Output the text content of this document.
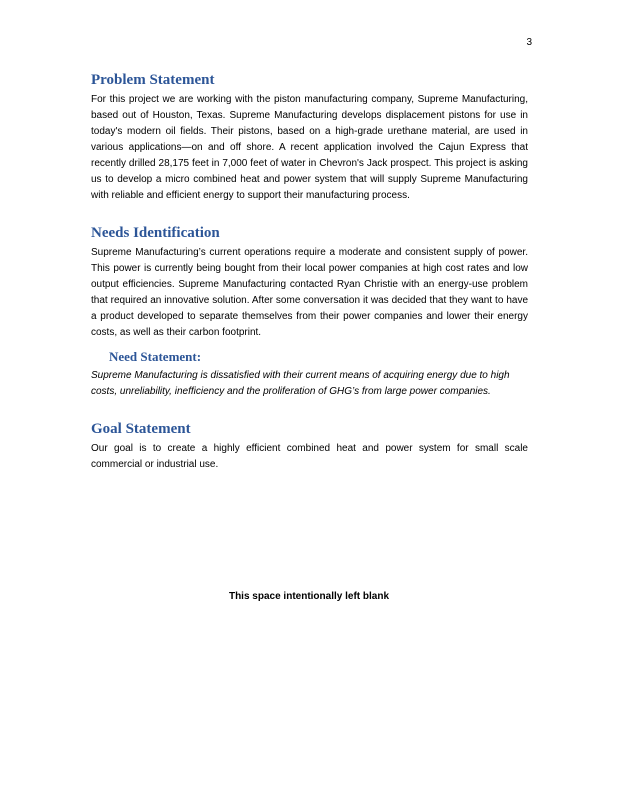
3
Problem Statement

For this project we are working with the piston manufacturing company, Supreme Manufacturing, based out of Houston, Texas. Supreme Manufacturing develops displacement pistons for use in today's modern oil fields. Their pistons, based on a high-grade urethane material, are used in various applications—on and off shore. A recent application involved the Cajun Express that recently drilled 28,175 feet in 7,000 feet of water in Chevron's Jack prospect. This project is asking us to develop a micro combined heat and power system that will supply Supreme Manufacturing with reliable and efficient energy to support their manufacturing process.

Needs Identification

Supreme Manufacturing’s current operations require a moderate and consistent supply of power. This power is currently being bought from their local power companies at high cost rates and low output efficiencies. Supreme Manufacturing contacted Ryan Christie with an energy-use problem that required an innovative solution. After some conversation it was decided that they want to have a product developed to separate themselves from their power companies and lower their energy costs, as well as their carbon footprint.

Need Statement:

Supreme Manufacturing is dissatisfied with their current means of acquiring energy due to high costs, unreliability, inefficiency and the proliferation of GHG’s from large power companies.

Goal Statement

Our goal is to create a highly efficient combined heat and power system for small scale commercial or industrial use.

This space intentionally left blank
